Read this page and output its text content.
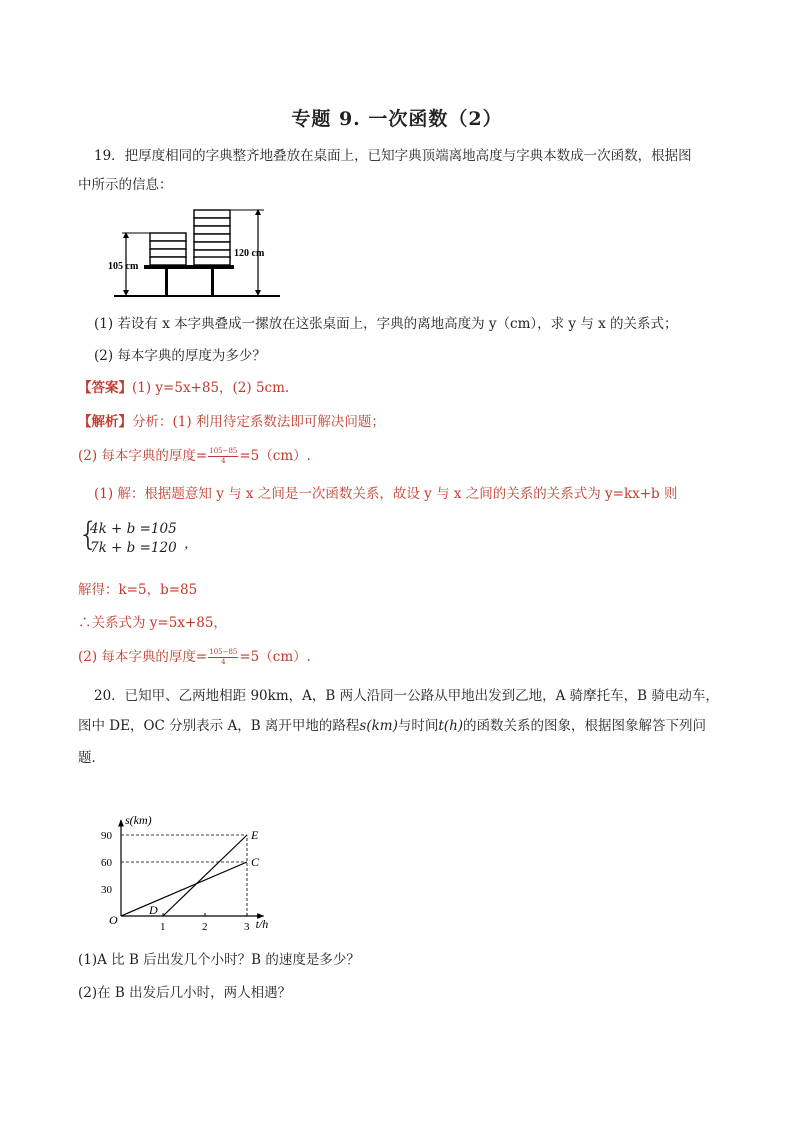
专题 9. 一次函数（2）
19．把厚度相同的字典整齐地叠放在桌面上，已知字典顶端离地高度与字典本数成一次函数，根据图
中所示的信息：
105 cm
120 cm
(1) 若设有 x 本字典叠成一摞放在这张桌面上，字典的离地高度为 y（cm），求 y 与 x 的关系式；
(2) 每本字典的厚度为多少？
【答案】(1) y=5x+85，(2) 5cm.
【解析】分析：(1) 利用待定系数法即可解决问题；
(2) 每本字典的厚度= $\frac{105-85}{4} =5(cm)$.
(1) 解：根据题意知 y 与 x 之间是一次函数关系，故设 y 与 x 之间的关系的关系式为 y=kx+b 则
{
4k + b =105
7k + b =120 ，
解得：k=5，b=85
∴关系式为 y=5x+85，
(2) 每本字典的厚度= $\frac{105-85}{4} =5(cm)$.
20．已知甲、乙两地相距 90km，A，B 两人沿同一公路从甲地出发到乙地，A 骑摩托车，B 骑电动车，
图中 DE，OC 分别表示 A，B 离开甲地的路程s(km)与时间t(h)的函数关系的图象，根据图象解答下列问
题．
s(km)
t/h
O
30
60
90
1	2	3
C
E
D
(1)A 比 B 后出发几个小时？B 的速度是多少？
(2)在 B 出发后几小时，两人相遇？
